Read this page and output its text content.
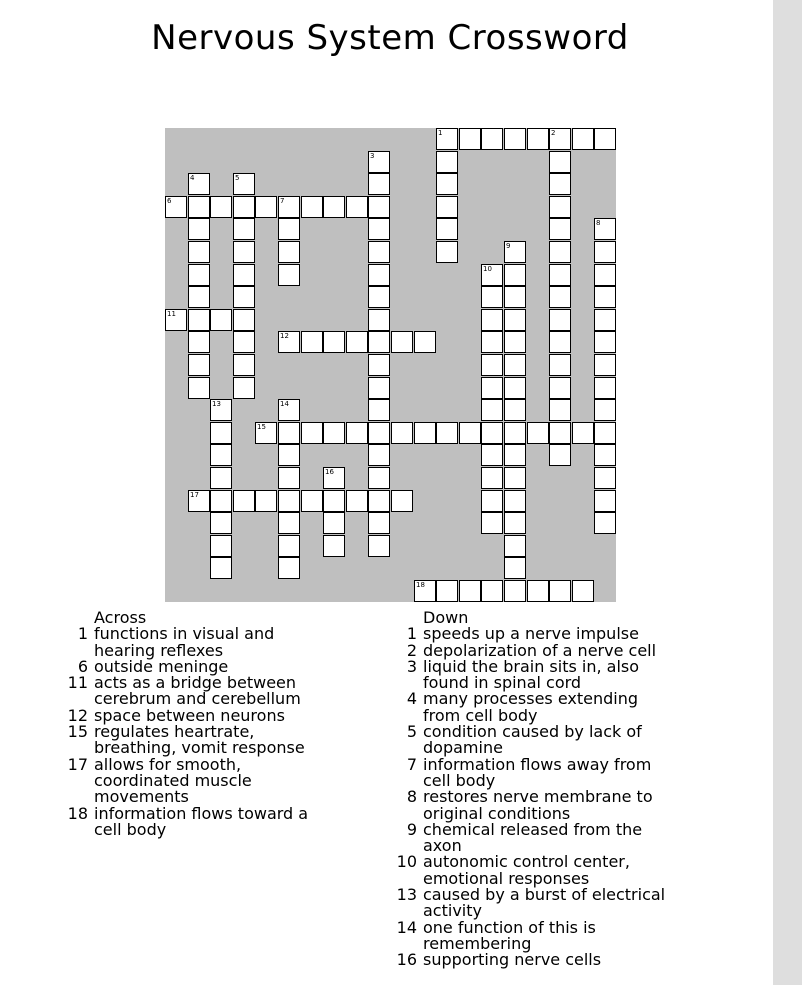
Nervous System Crossword
1	2
3
4	5
6	7
8
9
10
11
12
13	14
15
16
17
18
Across
1 functions in visual and hearing reflexes
6 outside meninge
11 acts as a bridge between cerebrum and cerebellum
12 space between neurons
15 regulates heartrate, breathing, vomit response
17 allows for smooth, coordinated muscle movements
18 information flows toward a cell body
Down
1 speeds up a nerve impulse
2 depolarization of a nerve cell
3 liquid the brain sits in, also found in spinal cord
4 many processes extending from cell body
5 condition caused by lack of dopamine
7 information flows away from cell body
8 restores nerve membrane to original conditions
9 chemical released from the axon
10 autonomic control center, emotional responses
13 caused by a burst of electrical activity
14 one function of this is remembering
16 supporting nerve cells
